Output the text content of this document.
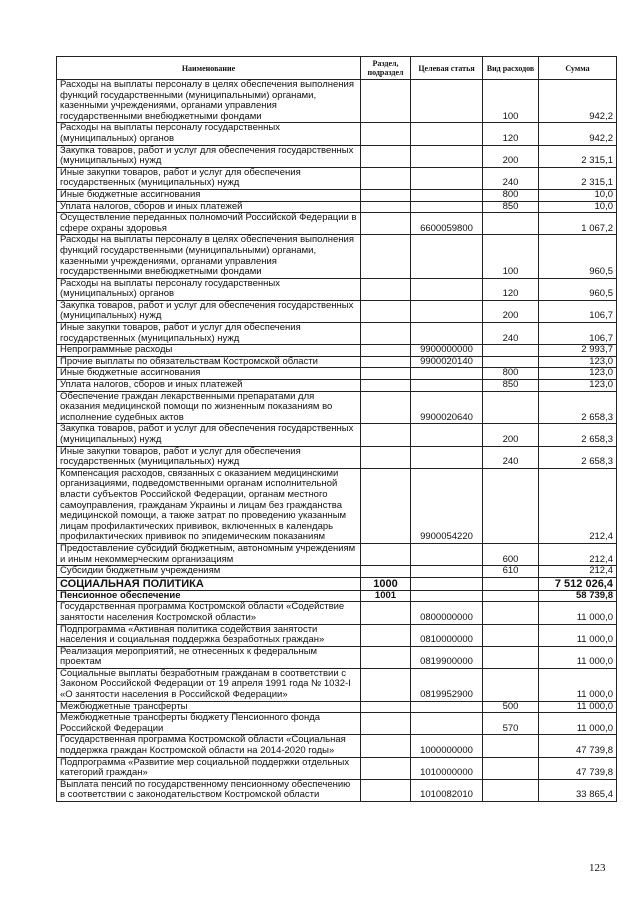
Наименование	Раздел, подраздел	Целевая статья	Вид расходов	Сумма
Расходы на выплаты персоналу в целях обеспечения выполнения функций государственными (муниципальными) органами, казенными учреждениями, органами управления государственными внебюджетными фондами			100	942,2
Расходы на выплаты персоналу государственных (муниципальных) органов			120	942,2
Закупка товаров, работ и услуг для обеспечения государственных (муниципальных) нужд			200	2 315,1
Иные закупки товаров, работ и услуг для обеспечения государственных (муниципальных) нужд			240	2 315,1
Иные бюджетные ассигнования			800	10,0
Уплата налогов, сборов и иных платежей			850	10,0
Осуществление переданных полномочий Российской Федерации в сфере охраны здоровья		6600059800		1 067,2
Расходы на выплаты персоналу в целях обеспечения выполнения функций государственными (муниципальными) органами, казенными учреждениями, органами управления государственными внебюджетными фондами			100	960,5
Расходы на выплаты персоналу государственных (муниципальных) органов			120	960,5
Закупка товаров, работ и услуг для обеспечения государственных (муниципальных) нужд			200	106,7
Иные закупки товаров, работ и услуг для обеспечения государственных (муниципальных) нужд			240	106,7
Непрограммные расходы		9900000000		2 993,7
Прочие выплаты по обязательствам Костромской области		9900020140		123,0
Иные бюджетные ассигнования			800	123,0
Уплата налогов, сборов и иных платежей			850	123,0
Обеспечение граждан лекарственными препаратами для оказания медицинской помощи по жизненным показаниям во исполнение судебных актов		9900020640		2 658,3
Закупка товаров, работ и услуг для обеспечения государственных (муниципальных) нужд			200	2 658,3
Иные закупки товаров, работ и услуг для обеспечения государственных (муниципальных) нужд			240	2 658,3
Компенсация расходов, связанных с оказанием медицинскими организациями, подведомственными органам исполнительной власти субъектов Российской Федерации, органам местного самоуправления, гражданам Украины и лицам без гражданства медицинской помощи, а также затрат по проведению указанным лицам профилактических прививок, включенных в календарь профилактических прививок по эпидемическим показаниям		9900054220		212,4
Предоставление субсидий бюджетным, автономным учреждениям и иным некоммерческим организациям			600	212,4
Субсидии бюджетным учреждениям			610	212,4
СОЦИАЛЬНАЯ ПОЛИТИКА	1000			7 512 026,4
Пенсионное обеспечение	1001			58 739,8
Государственная программа Костромской области «Содействие занятости населения Костромской области»		0800000000		11 000,0
Подпрограмма «Активная политика содействия занятости населения и социальная поддержка безработных граждан»		0810000000		11 000,0
Реализация мероприятий, не отнесенных к федеральным проектам		0819900000		11 000,0
Социальные выплаты безработным гражданам в соответствии с Законом Российской Федерации от 19 апреля 1991 года № 1032-I «О занятости населения в Российской Федерации»		0819952900		11 000,0
Межбюджетные трансферты			500	11 000,0
Межбюджетные трансферты бюджету Пенсионного фонда Российской Федерации			570	11 000,0
Государственная программа Костромской области «Социальная поддержка граждан Костромской области на 2014-2020 годы»		1000000000		47 739,8
Подпрограмма «Развитие мер социальной поддержки отдельных категорий граждан»		1010000000		47 739,8
Выплата пенсий по государственному пенсионному обеспечению в соответствии с законодательством Костромской области		1010082010		33 865,4
123
